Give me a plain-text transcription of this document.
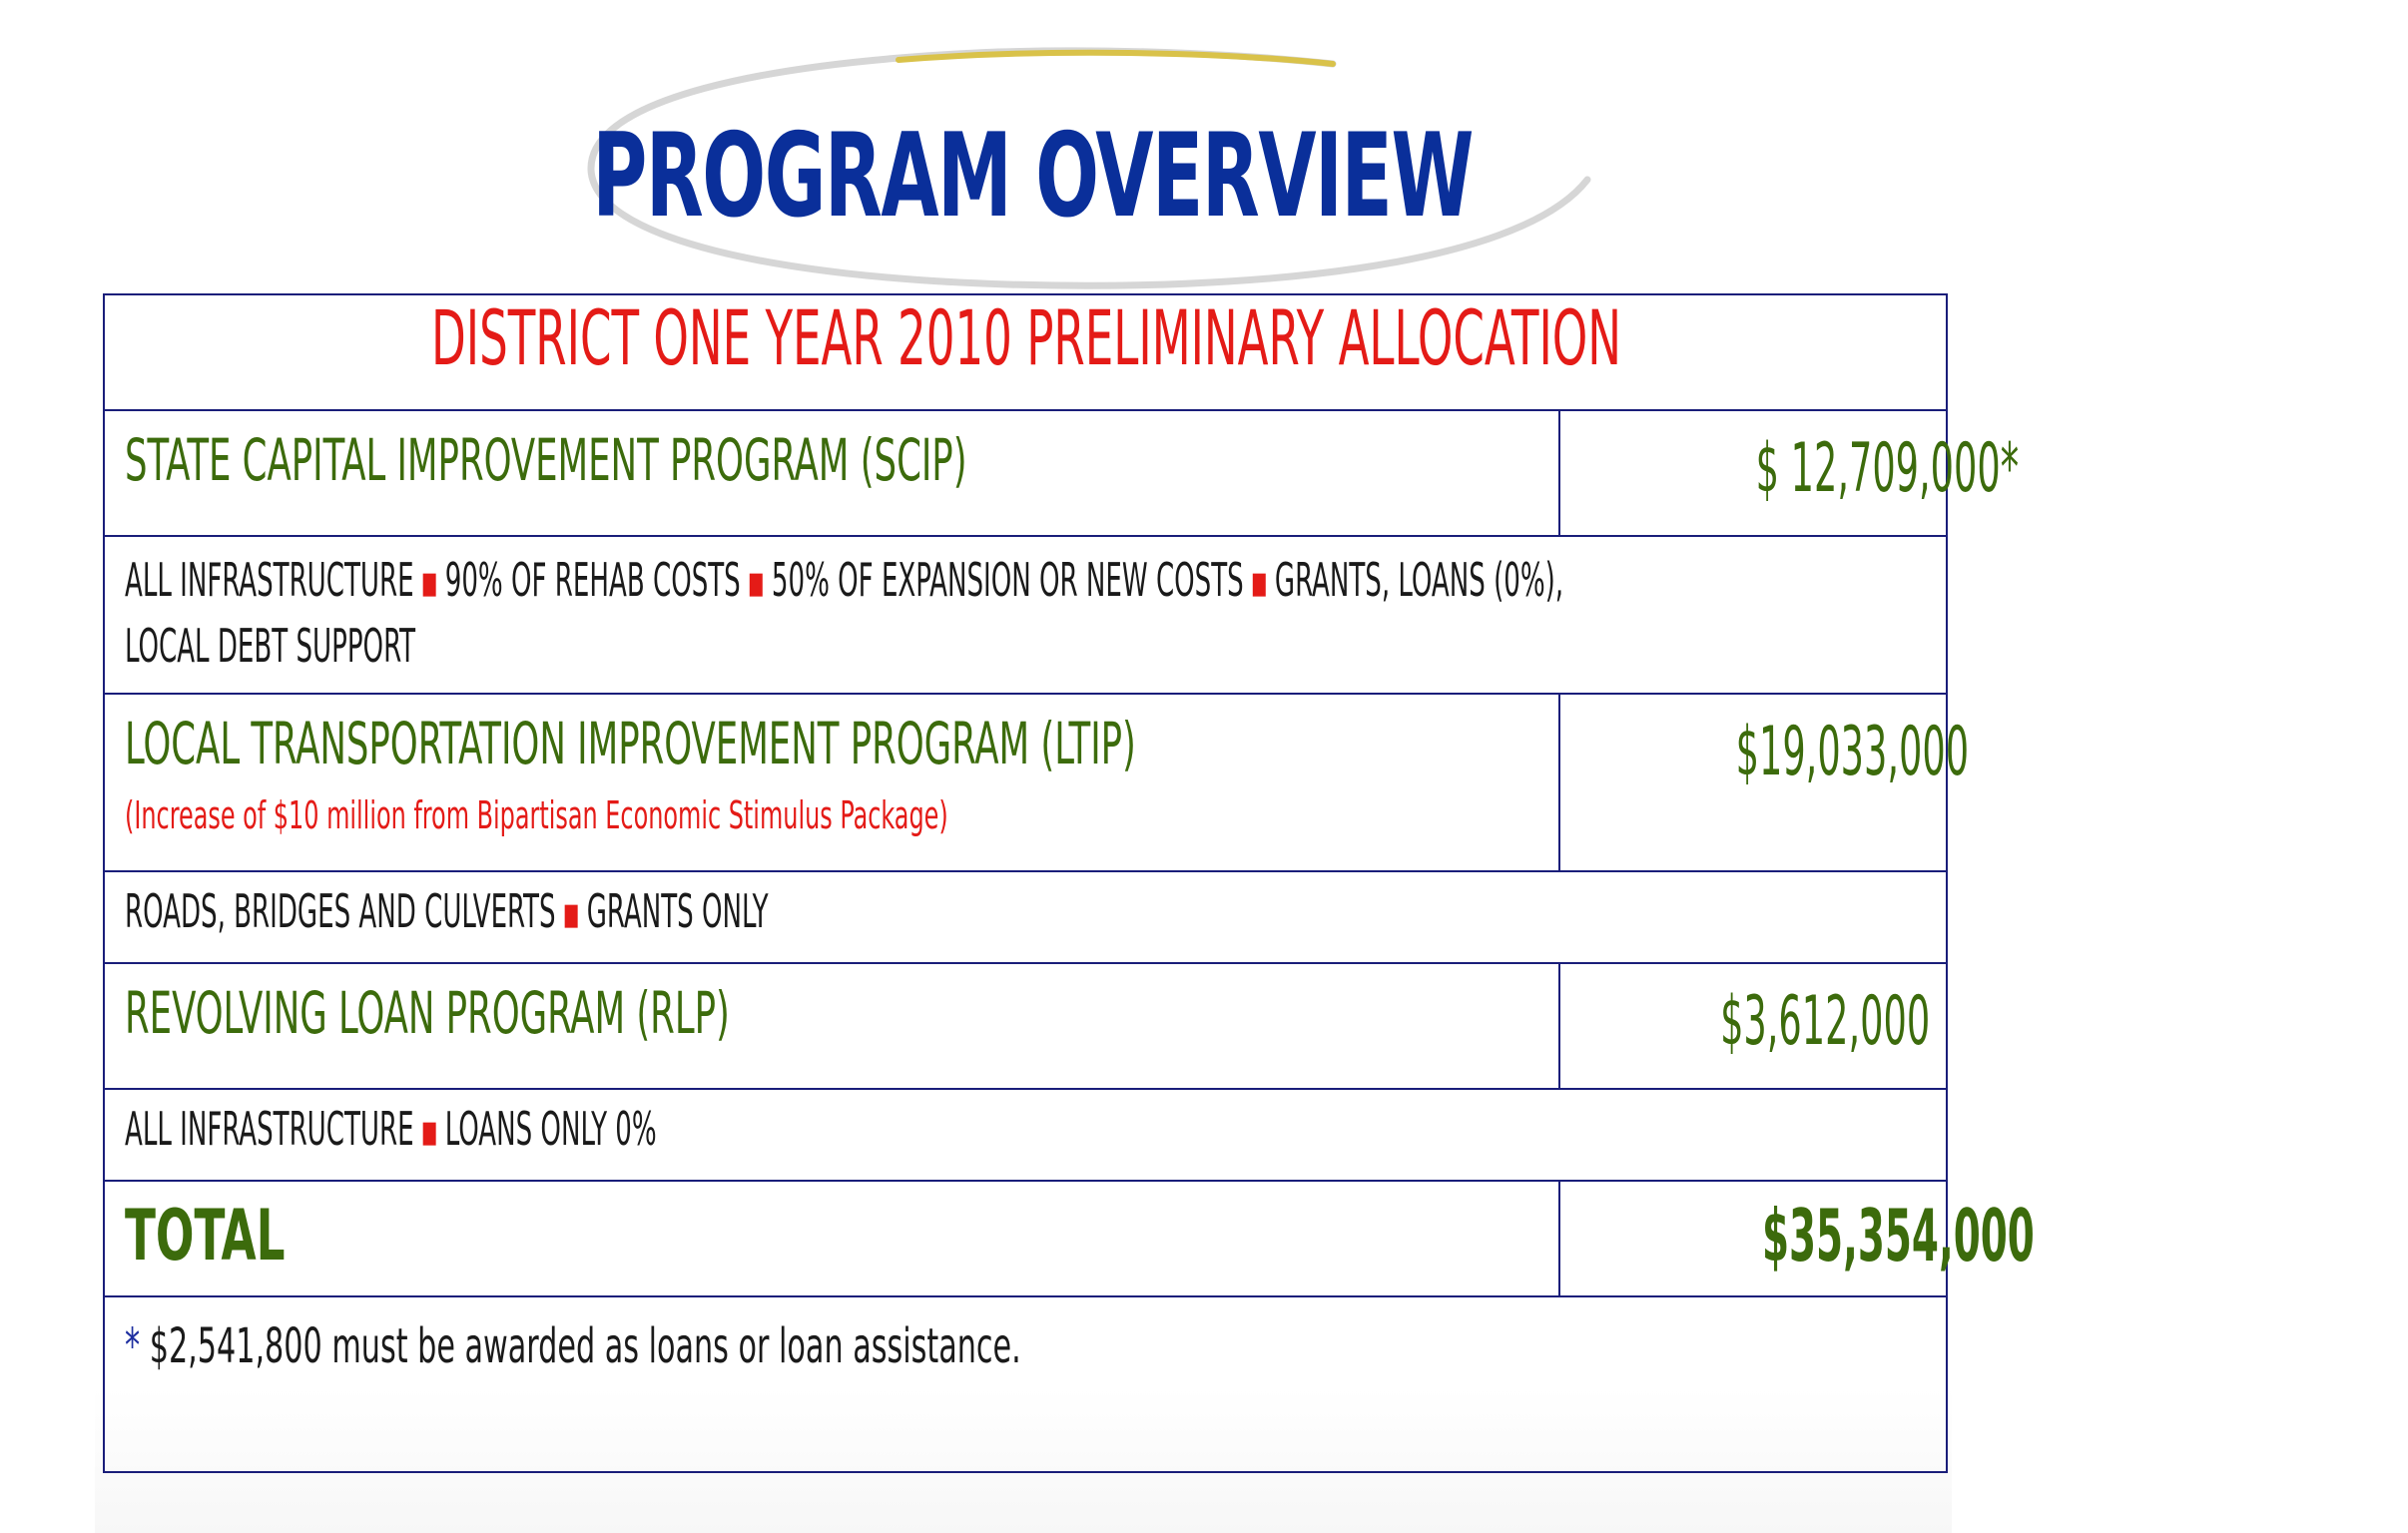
PROGRAM OVERVIEW
DISTRICT ONE YEAR 2010 PRELIMINARY ALLOCATION	
STATE CAPITAL IMPROVEMENT PROGRAM (SCIP)	$ 12,709,000*
ALL INFRASTRUCTURE ■ 90% OF REHAB COSTS ■ 50% OF EXPANSION OR NEW COSTS ■ GRANTS, LOANS (0%),
LOCAL DEBT SUPPORT	
LOCAL TRANSPORTATION IMPROVEMENT PROGRAM (LTIP)
(Increase of $10 million from Bipartisan Economic Stimulus Package)	$19,033,000
ROADS, BRIDGES AND CULVERTS ■ GRANTS ONLY	
REVOLVING LOAN PROGRAM (RLP)	$3,612,000
ALL INFRASTRUCTURE ■ LOANS ONLY 0%	
TOTAL	$35,354,000
* $2,541,800 must be awarded as loans or loan assistance.	
